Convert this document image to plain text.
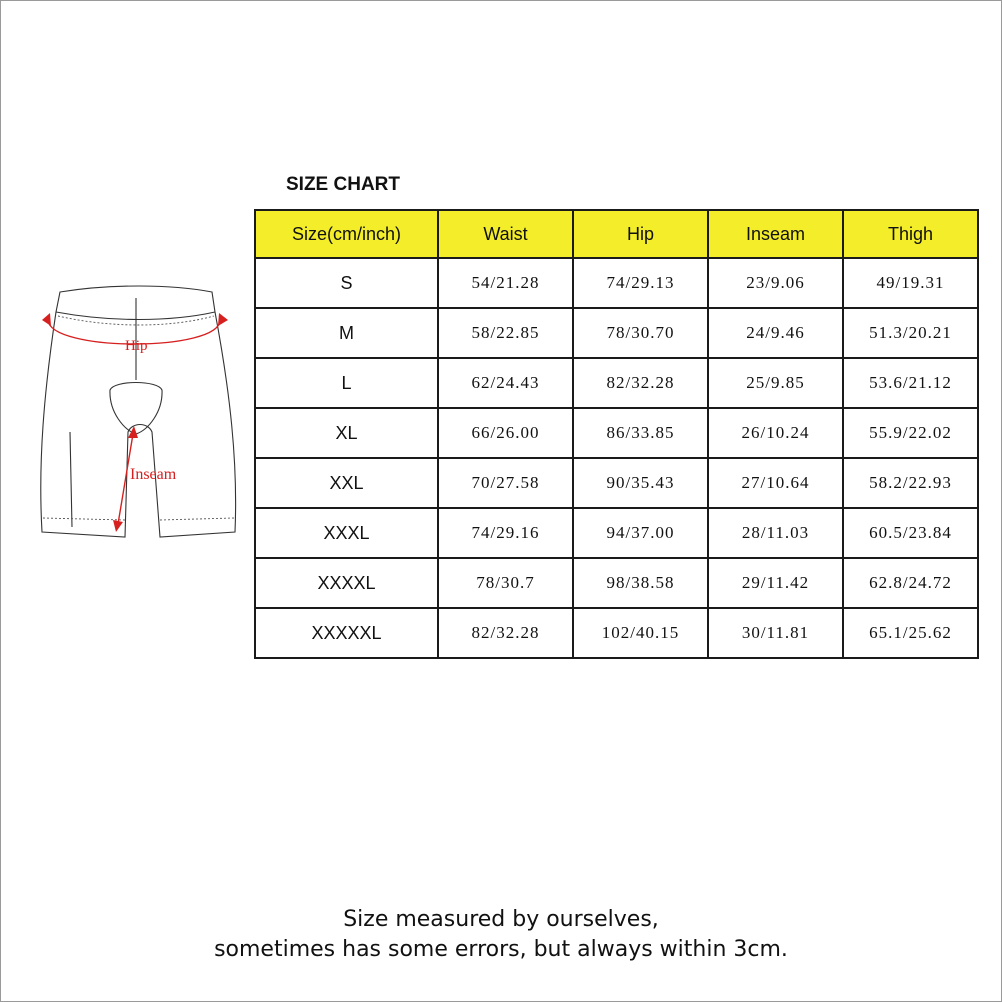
SIZE CHART
Hip
Inseam
Size(cm/inch)	Waist	Hip	Inseam	Thigh
S	54/21.28	74/29.13	23/9.06	49/19.31
M	58/22.85	78/30.70	24/9.46	51.3/20.21
L	62/24.43	82/32.28	25/9.85	53.6/21.12
XL	66/26.00	86/33.85	26/10.24	55.9/22.02
XXL	70/27.58	90/35.43	27/10.64	58.2/22.93
XXXL	74/29.16	94/37.00	28/11.03	60.5/23.84
XXXXL	78/30.7	98/38.58	29/11.42	62.8/24.72
XXXXXL	82/32.28	102/40.15	30/11.81	65.1/25.62
Size measured by ourselves,
sometimes has some errors, but always within 3cm.
